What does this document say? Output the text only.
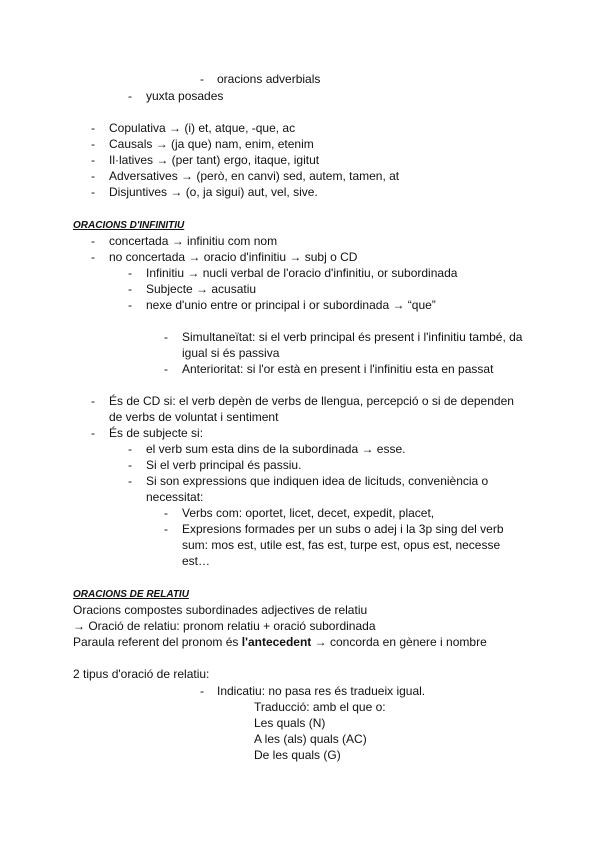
- oracions adverbials
- yuxta posades
- Copulativa → (i) et, atque, -que, ac
- Causals → (ja que) nam, enim, etenim
- Il·latives → (per tant) ergo, itaque, igitut
- Adversatives → (però, en canvi) sed, autem, tamen, at
- Disjuntives → (o, ja sigui) aut, vel, sive.
ORACIONS D'INFINITIU
- concertada → infinitiu com nom
- no concertada → oracio d'infinitiu → subj o CD
- Infinitiu → nucli verbal de l'oracio d'infinitiu, or subordinada
- Subjecte → acusatiu
- nexe d'unio entre or principal i or subordinada → “que”
- Simultaneïtat: si el verb principal és present i l'infinitiu també, da
igual si és passiva
- Anterioritat: si l'or està en present i l'infinitiu esta en passat
- És de CD si: el verb depèn de verbs de llengua, percepció o si de dependen
de verbs de voluntat i sentiment
- És de subjecte si:
- el verb sum esta dins de la subordinada → esse.
- Si el verb principal és passiu.
- Si son expressions que indiquen idea de licituds, conveniència o
necessitat:
- Verbs com: oportet, licet, decet, expedit, placet,
- Expresions formades per un subs o adej i la 3p sing del verb
sum: mos est, utile est, fas est, turpe est, opus est, necesse
est…
ORACIONS DE RELATIU
Oracions compostes subordinades adjectives de relatiu
→ Oració de relatiu: pronom relatiu + oració subordinada
Paraula referent del pronom és l'antecedent → concorda en gènere i nombre
2 tipus d'oració de relatiu:
- Indicatiu: no pasa res és tradueix igual.
Traducció: amb el que o:
Les quals (N)
A les (als) quals (AC)
De les quals (G)
